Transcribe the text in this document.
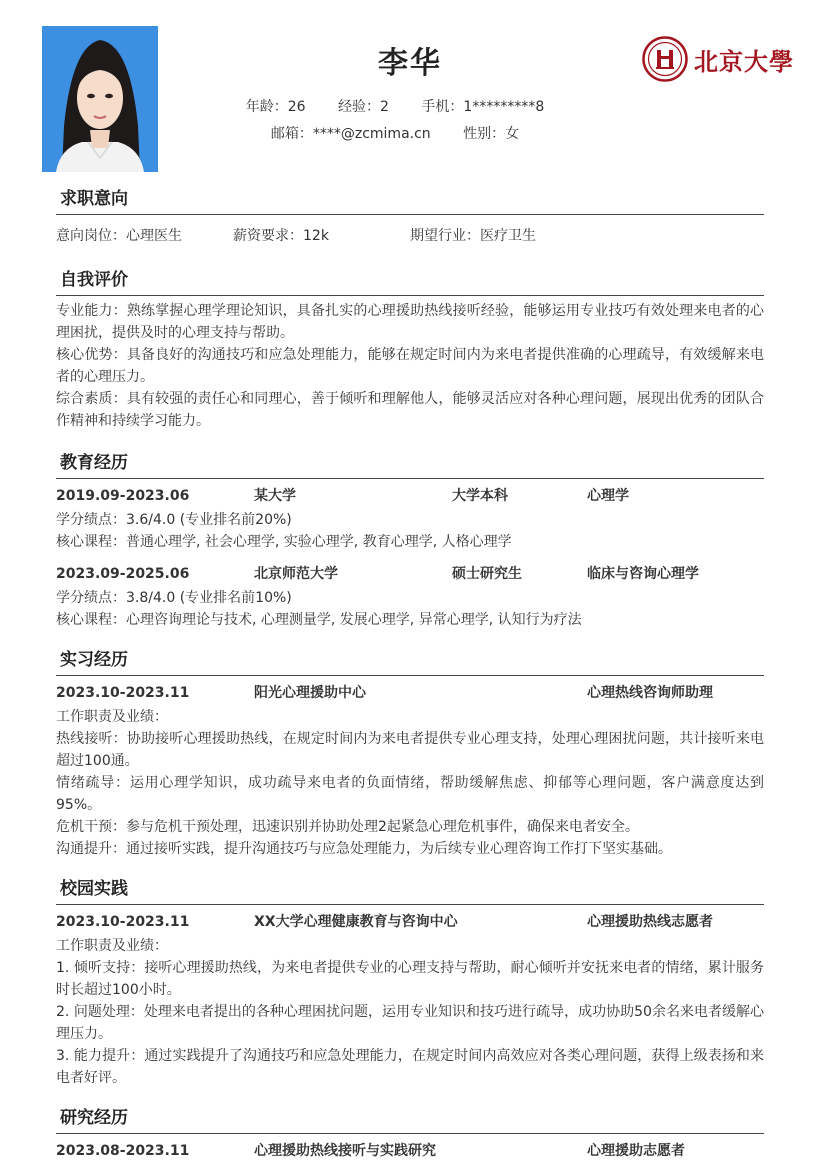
李华
年龄：26 经验：2 手机：1*********8
邮箱：****@zcmima.cn 性别：女
北京大學
求职意向
意向岗位：心理医生	薪资要求：12k	期望行业：医疗卫生
自我评价
专业能力：熟练掌握心理学理论知识，具备扎实的心理援助热线接听经验，能够运用专业技巧有效处理来电者的心理困扰，提供及时的心理支持与帮助。
核心优势：具备良好的沟通技巧和应急处理能力，能够在规定时间内为来电者提供准确的心理疏导，有效缓解来电者的心理压力。
综合素质：具有较强的责任心和同理心，善于倾听和理解他人，能够灵活应对各种心理问题，展现出优秀的团队合作精神和持续学习能力。
教育经历
2019.09-2023.06	某大学	大学本科	心理学
学分绩点：3.6/4.0 (专业排名前20%)
核心课程：普通心理学, 社会心理学, 实验心理学, 教育心理学, 人格心理学
2023.09-2025.06	北京师范大学	硕士研究生	临床与咨询心理学
学分绩点：3.8/4.0 (专业排名前10%)
核心课程：心理咨询理论与技术, 心理测量学, 发展心理学, 异常心理学, 认知行为疗法
实习经历
2023.10-2023.11	阳光心理援助中心	心理热线咨询师助理
工作职责及业绩：
热线接听：协助接听心理援助热线，在规定时间内为来电者提供专业心理支持，处理心理困扰问题，共计接听来电超过100通。
情绪疏导：运用心理学知识，成功疏导来电者的负面情绪，帮助缓解焦虑、抑郁等心理问题，客户满意度达到95%。
危机干预：参与危机干预处理，迅速识别并协助处理2起紧急心理危机事件，确保来电者安全。
沟通提升：通过接听实践，提升沟通技巧与应急处理能力，为后续专业心理咨询工作打下坚实基础。
校园实践
2023.10-2023.11	XX大学心理健康教育与咨询中心	心理援助热线志愿者
工作职责及业绩：
1. 倾听支持：接听心理援助热线，为来电者提供专业的心理支持与帮助，耐心倾听并安抚来电者的情绪，累计服务时长超过100小时。
2. 问题处理：处理来电者提出的各种心理困扰问题，运用专业知识和技巧进行疏导，成功协助50余名来电者缓解心理压力。
3. 能力提升：通过实践提升了沟通技巧和应急处理能力，在规定时间内高效应对各类心理问题，获得上级表扬和来电者好评。
研究经历
2023.08-2023.11	心理援助热线接听与实践研究	心理援助志愿者
